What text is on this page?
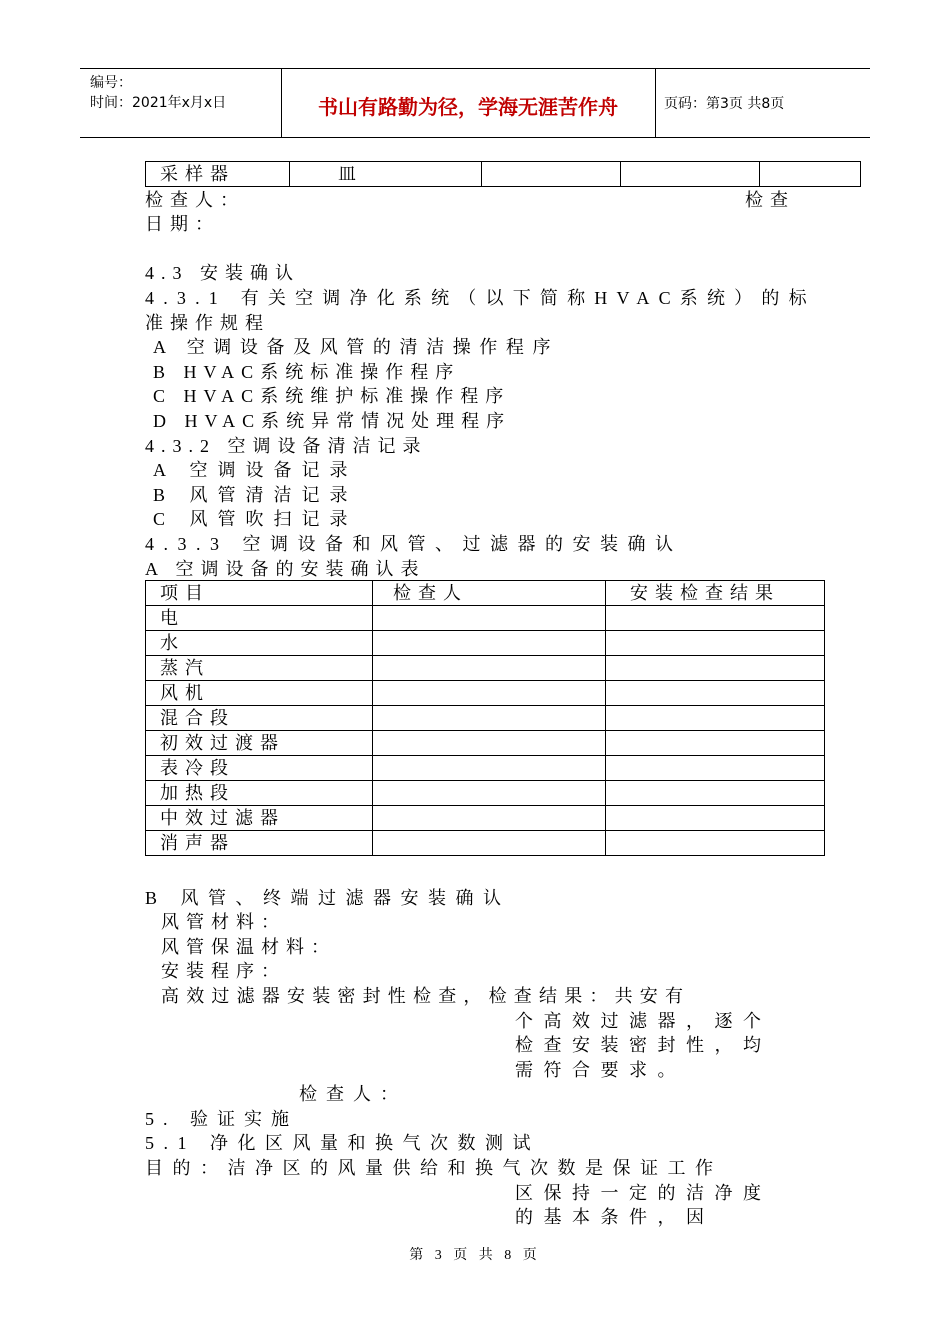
编号：
时间：2021年x月x日	书山有路勤为径，学海无涯苦作舟	页码：第3页 共8页
采样器	皿			
检查人：	检查
日期：
4.3 安装确认
4.3.1 有关空调净化系统（以下简称HVAC系统）的标
准操作规程
A 空调设备及风管的清洁操作程序
B HVAC系统标准操作程序
C HVAC系统维护标准操作程序
D HVAC系统异常情况处理程序
4.3.2 空调设备清洁记录
A 空调设备记录
B 风管清洁记录
C 风管吹扫记录
4.3.3 空调设备和风管、过滤器的安装确认
A 空调设备的安装确认表
项目	检查人	安装检查结果
电		
水		
蒸汽		
风机		
混合段		
初效过渡器		
表冷段		
加热段		
中效过滤器		
消声器		
B 风管、终端过滤器安装确认
风管材料：
风管保温材料：
安装程序：
高效过滤器安装密封性检查，检查结果：共安有
个高效过滤器，逐个
检查安装密封性，均
需符合要求。
检查人：
5. 验证实施
5.1 净化区风量和换气次数测试
目的：洁净区的风量供给和换气次数是保证工作
区保持一定的洁净度
的基本条件，因
第 3 页 共 8 页
